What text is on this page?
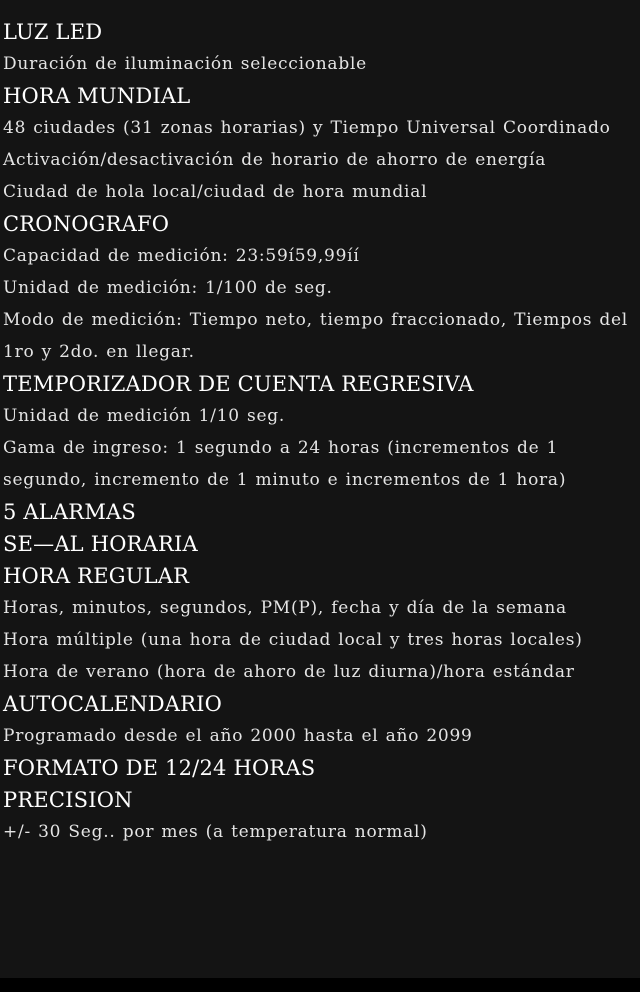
LUZ LED
Duración de iluminación seleccionable
HORA MUNDIAL
48 ciudades (31 zonas horarias) y Tiempo Universal Coordinado
Activación/desactivación de horario de ahorro de energía
Ciudad de hola local/ciudad de hora mundial
CRONOGRAFO
Capacidad de medición: 23:59í59,99íí
Unidad de medición: 1/100 de seg.
Modo de medición: Tiempo neto, tiempo fraccionado, Tiempos del 1ro y 2do. en llegar.
TEMPORIZADOR DE CUENTA REGRESIVA
Unidad de medición 1/10 seg.
Gama de ingreso: 1 segundo a 24 horas (incrementos de 1 segundo, incremento de 1 minuto e incrementos de 1 hora)
5 ALARMAS
SE—AL HORARIA
HORA REGULAR
Horas, minutos, segundos, PM(P), fecha y día de la semana
Hora múltiple (una hora de ciudad local y tres horas locales)
Hora de verano (hora de ahoro de luz diurna)/hora estándar
AUTOCALENDARIO
Programado desde el año 2000 hasta el año 2099
FORMATO DE 12/24 HORAS
PRECISION
+/- 30 Seg.. por mes (a temperatura normal)
